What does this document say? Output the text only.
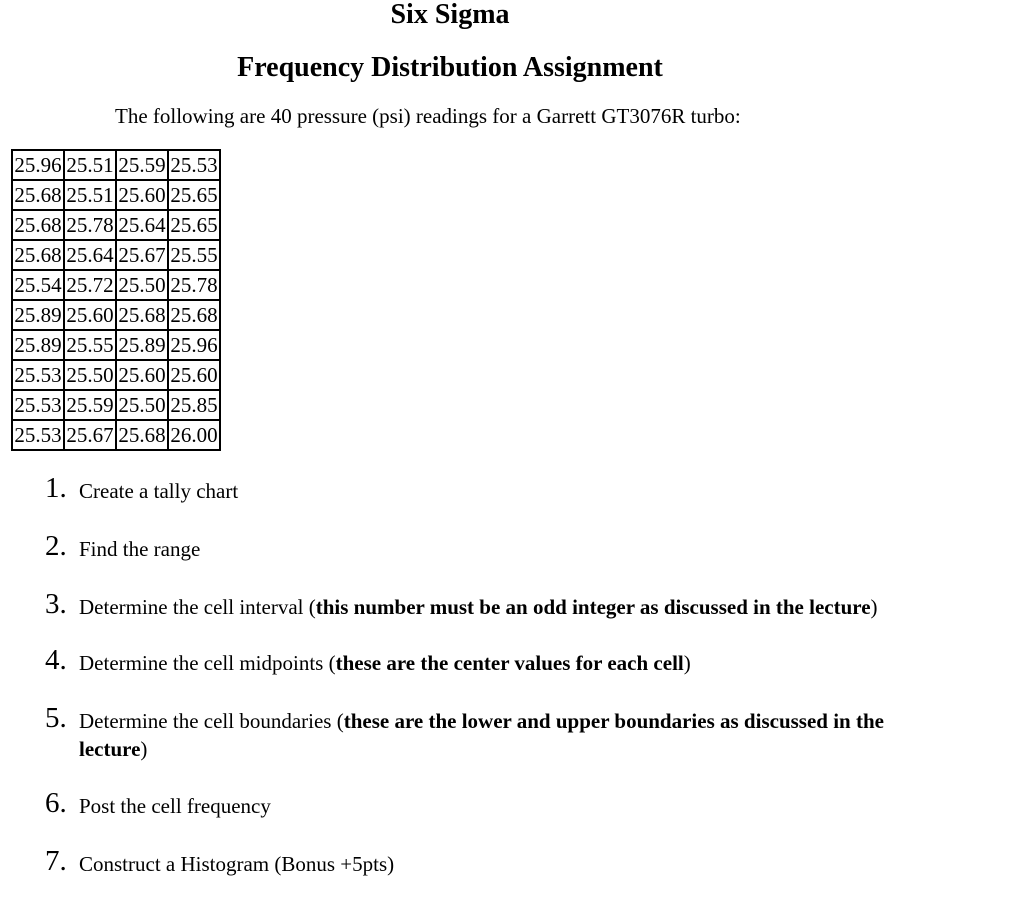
Six Sigma
Frequency Distribution Assignment

The following are 40 pressure (psi) readings for a Garrett GT3076R turbo:

25.96	25.51	25.59	25.53
25.68	25.51	25.60	25.65
25.68	25.78	25.64	25.65
25.68	25.64	25.67	25.55
25.54	25.72	25.50	25.78
25.89	25.60	25.68	25.68
25.89	25.55	25.89	25.96
25.53	25.50	25.60	25.60
25.53	25.59	25.50	25.85
25.53	25.67	25.68	26.00
1. Create a tally chart
2. Find the range
3. Determine the cell interval (this number must be an odd integer as discussed in the lecture)
4. Determine the cell midpoints (these are the center values for each cell)
5. Determine the cell boundaries (these are the lower and upper boundaries as discussed in the lecture)
6. Post the cell frequency
7. Construct a Histogram (Bonus +5pts)
